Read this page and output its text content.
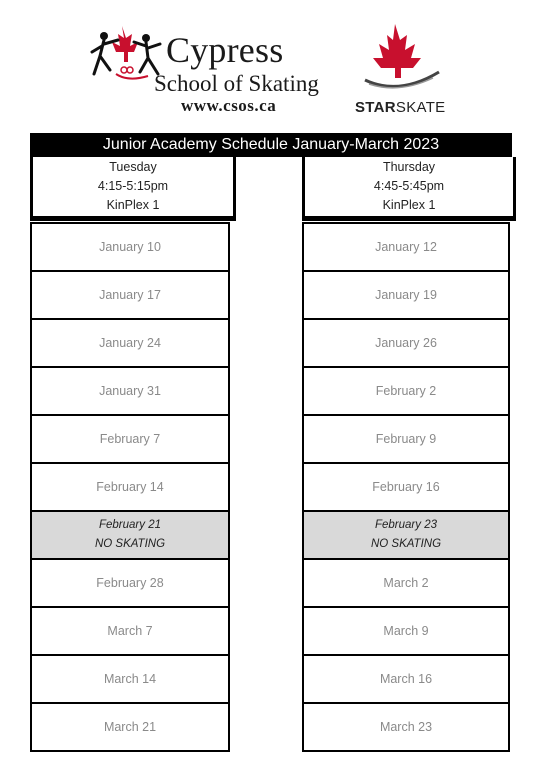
Cypress
School of Skating
www.csos.ca	STARSKATE
Junior Academy Schedule January-March 2023
Tuesday
4:15-5:15pm
KinPlex 1
January 10
January 17
January 24
January 31
February 7
February 14
February 21
NO SKATING
February 28
March 7
March 14
March 21
Thursday
4:45-5:45pm
KinPlex 1
January 12
January 19
January 26
February 2
February 9
February 16
February 23
NO SKATING
March 2
March 9
March 16
March 23
